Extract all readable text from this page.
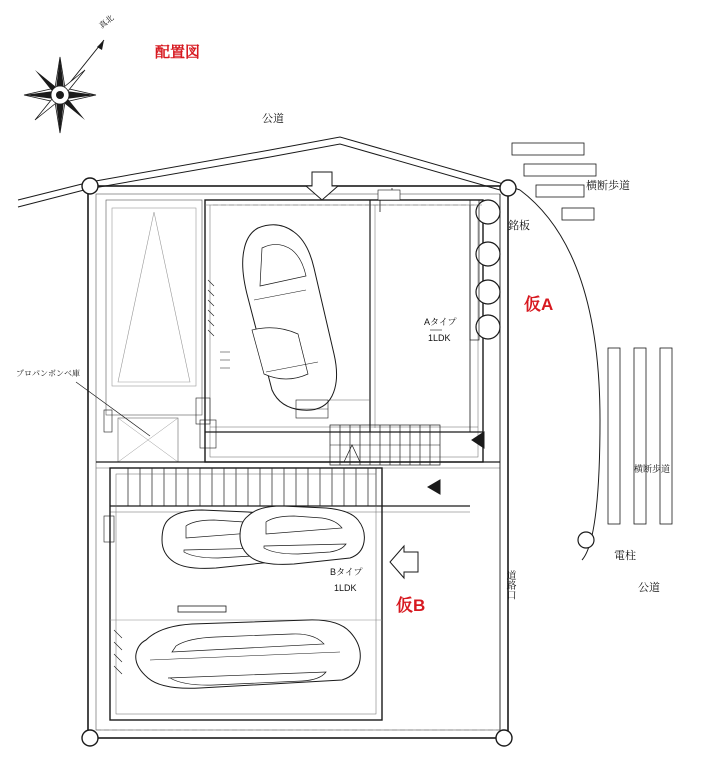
配置図
真北
公道
横断歩道
銘板
仮A
仮B
Aタイプ
1LDK
Bタイプ
1LDK
プロパンボンベ庫
横断歩道
電柱
公道
道路口
